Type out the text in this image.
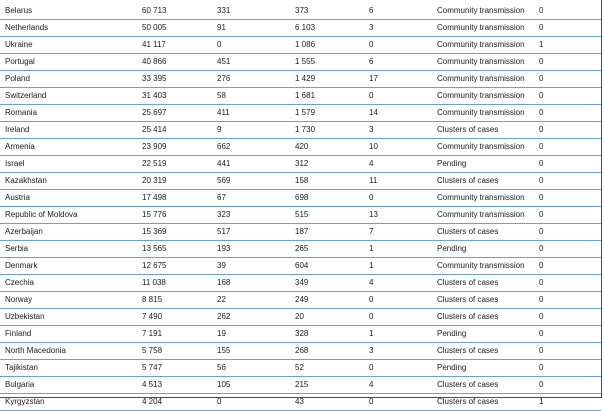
Belarus	60 713	331	373	6	Community transmission	0
Netherlands	50 005	91	6 103	3	Community transmission	0
Ukraine	41 117	0	1 086	0	Community transmission	1
Portugal	40 866	451	1 555	6	Community transmission	0
Poland	33 395	276	1 429	17	Community transmission	0
Switzerland	31 403	58	1 681	0	Community transmission	0
Romania	25 697	411	1 579	14	Community transmission	0
Ireland	25 414	9	1 730	3	Clusters of cases	0
Armenia	23 909	662	420	10	Community transmission	0
Israel	22 519	441	312	4	Pending	0
Kazakhstan	20 319	569	158	11	Clusters of cases	0
Austria	17 498	67	698	0	Community transmission	0
Republic of Moldova	15 776	323	515	13	Community transmission	0
Azerbaijan	15 369	517	187	7	Clusters of cases	0
Serbia	13 565	193	265	1	Pending	0
Denmark	12 675	39	604	1	Community transmission	0
Czechia	11 038	168	349	4	Clusters of cases	0
Norway	8 815	22	249	0	Clusters of cases	0
Uzbekistan	7 490	262	20	0	Clusters of cases	0
Finland	7 191	19	328	1	Pending	0
North Macedonia	5 758	155	268	3	Clusters of cases	0
Tajikistan	5 747	56	52	0	Pending	0
Bulgaria	4 513	105	215	4	Clusters of cases	0
Kyrgyzstan	4 204	0	43	0	Clusters of cases	1
